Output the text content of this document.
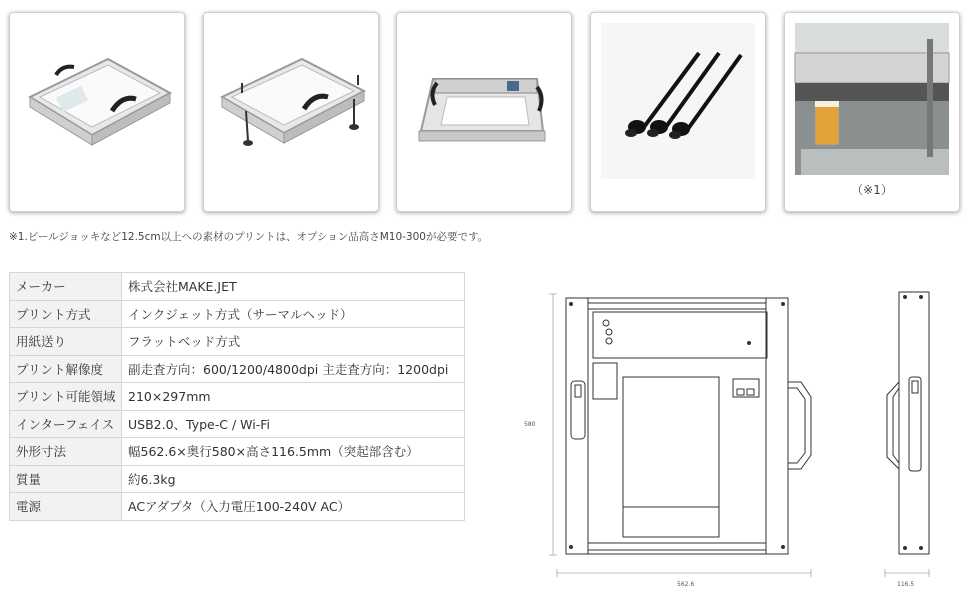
（※1）
※1.ビールジョッキなど12.5cm以上への素材のプリントは、オプション品高さM10-300が必要です。
メーカー	株式会社MAKE.JET
プリント方式	インクジェット方式（サーマルヘッド）
用紙送り	フラットベッド方式
プリント解像度	副走査方向：600/1200/4800dpi 主走査方向：1200dpi
プリント可能領域	210×297mm
インターフェイス	USB2.0、Type-C / Wi-Fi
外形寸法	幅562.6×奥行580×高さ116.5mm（突起部含む）
質量	約6.3kg
電源	ACアダプタ（入力電圧100-240V AC）
580
562.6	116.5
